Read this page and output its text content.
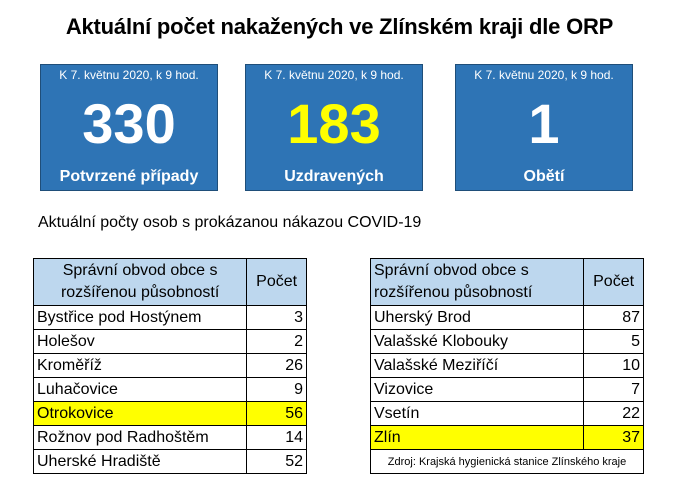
Aktuální počet nakažených ve Zlínském kraji dle ORP
K 7. květnu 2020, k 9 hod.
330
Potvrzené případy
K 7. květnu 2020, k 9 hod.
183
Uzdravených
K 7. květnu 2020, k 9 hod.
1
Obětí
Aktuální počty osob s prokázanou nákazou COVID-19
Správní obvod obce s
rozšířenou působností	Počet
Bystřice pod Hostýnem	3
Holešov	2
Kroměříž	26
Luhačovice	9
Otrokovice	56
Rožnov pod Radhoštěm	14
Uherské Hradiště	52
Správní obvod obce s
rozšířenou působností	Počet
Uherský Brod	87
Valašské Klobouky	5
Valašské Meziříčí	10
Vizovice	7
Vsetín	22
Zlín	37
Zdroj: Krajská hygienická stanice Zlínského kraje	
